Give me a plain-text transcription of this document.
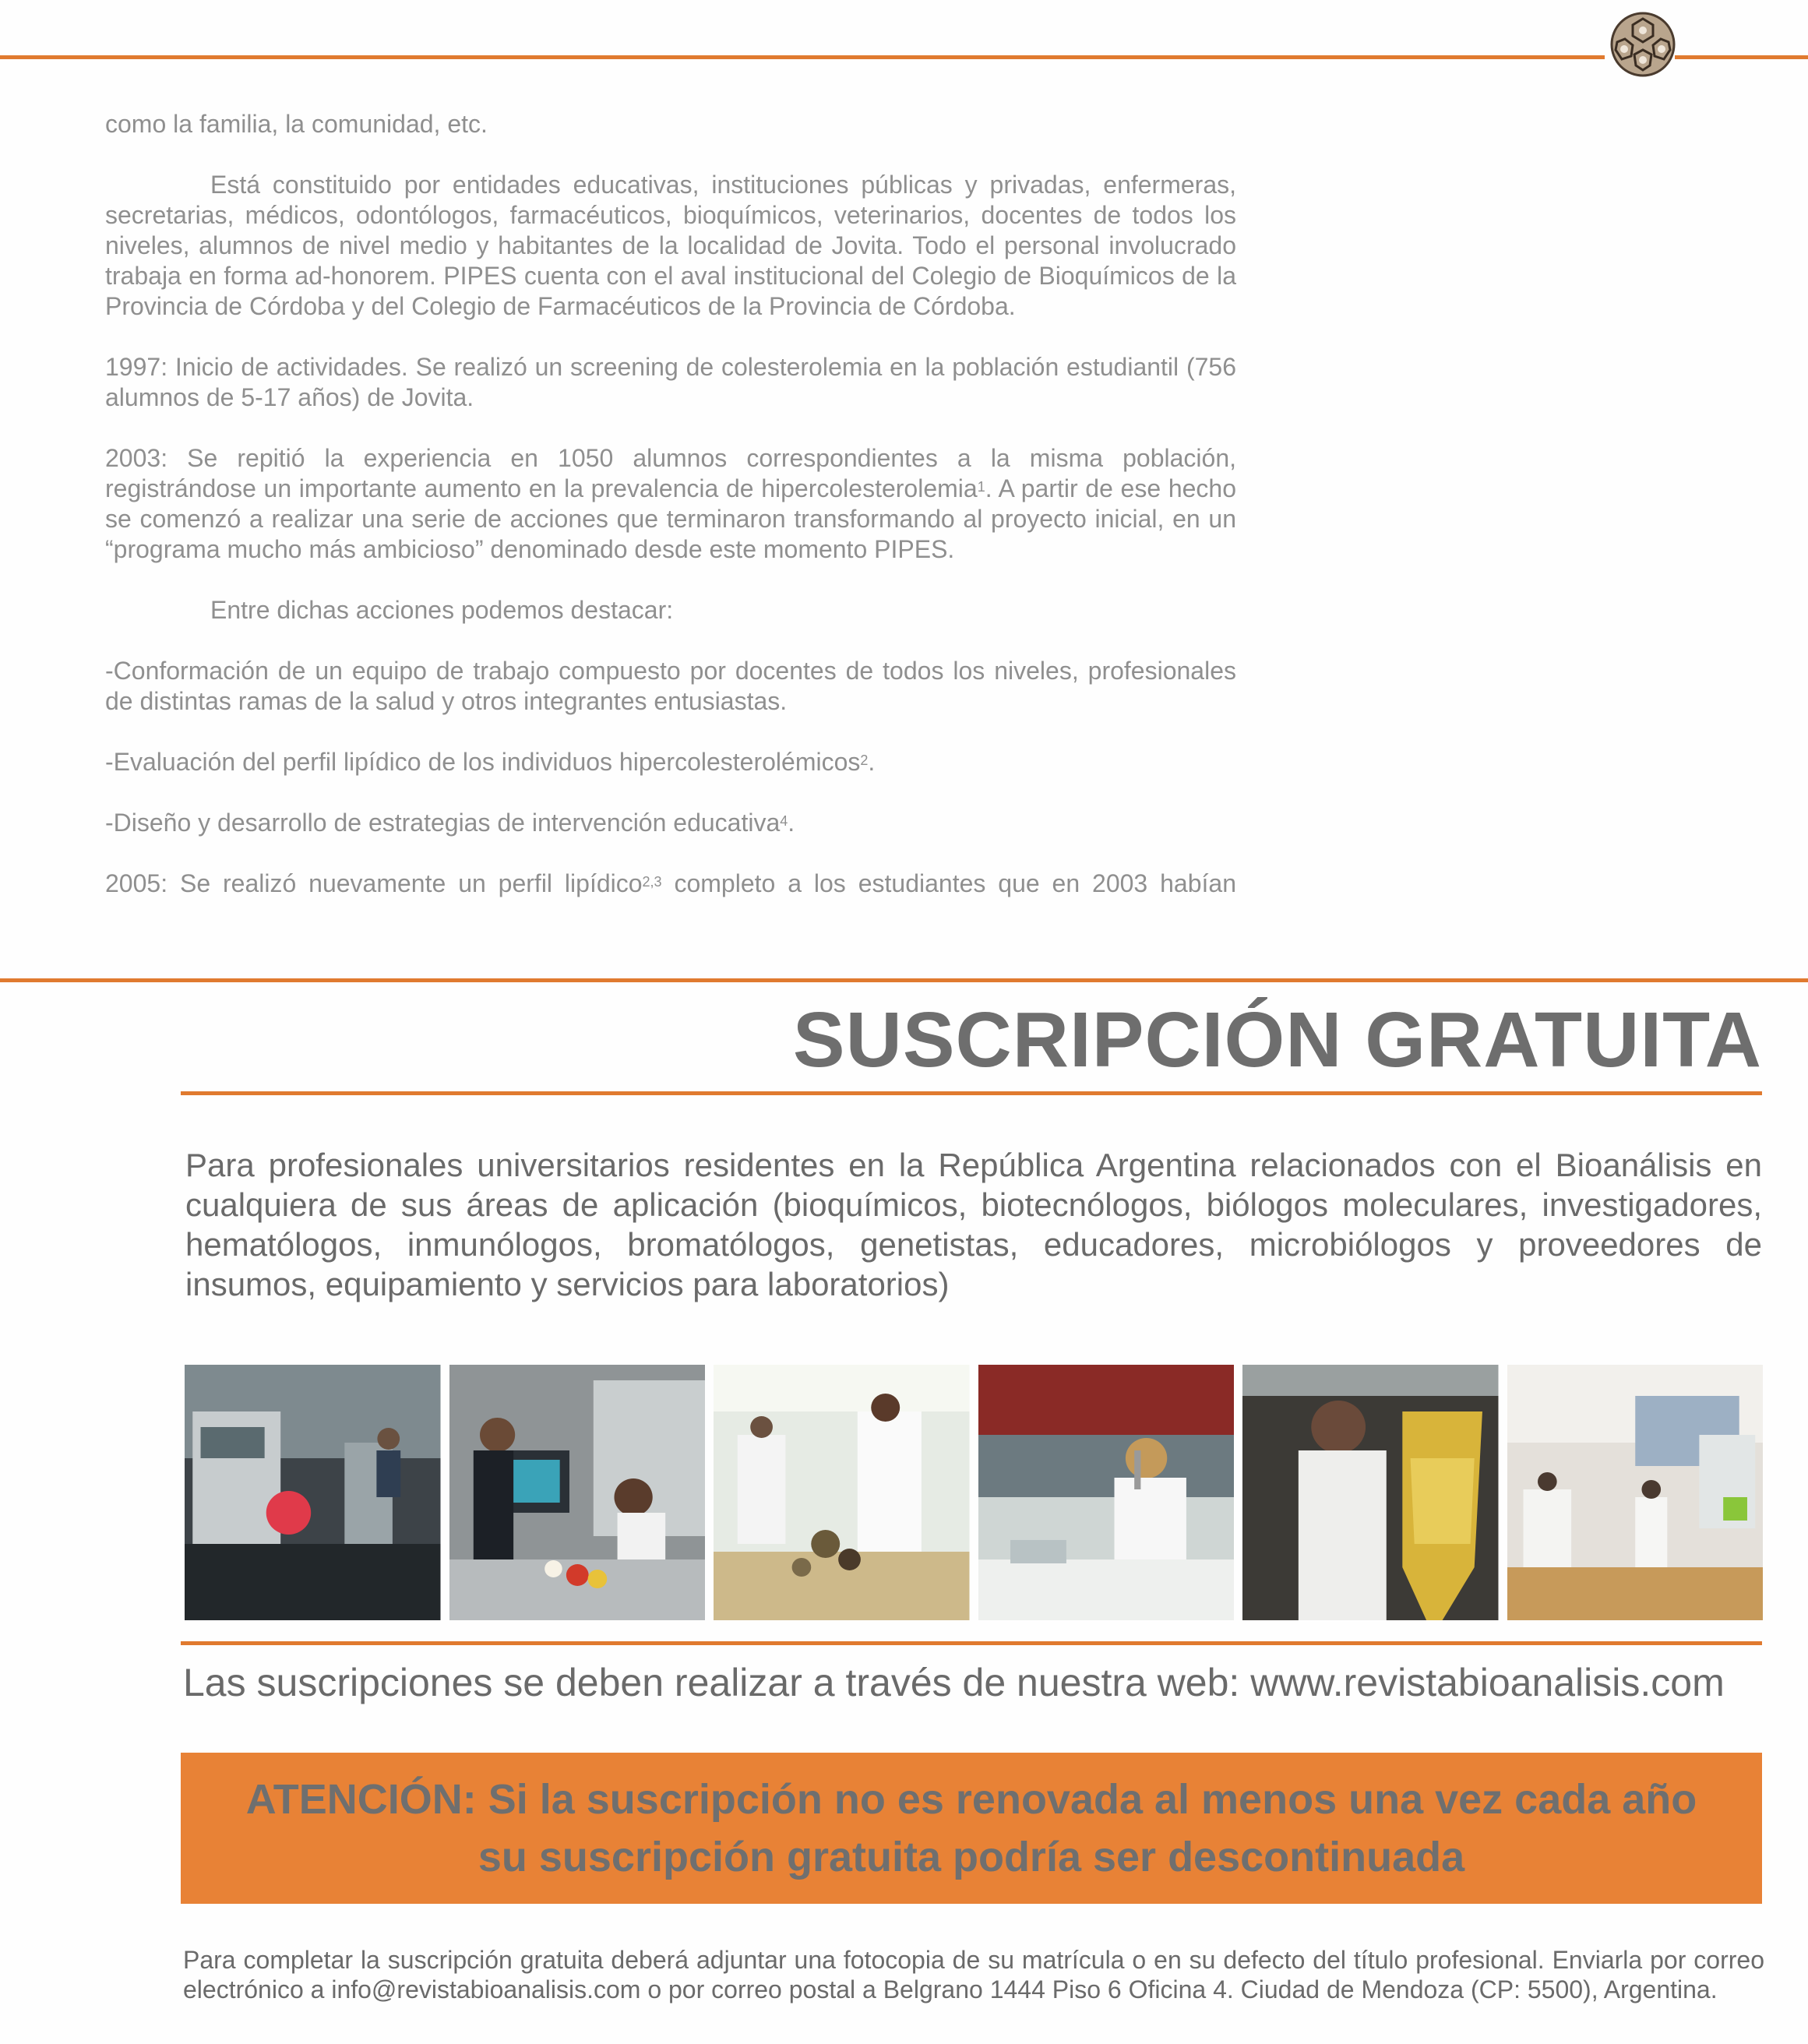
como la familia, la comunidad, etc.

Está constituido por entidades educativas, instituciones públicas y privadas, enfermeras, secretarias, médicos, odontólogos, farmacéuticos, bioquímicos, veterinarios, docentes de todos los niveles, alumnos de nivel medio y habitantes de la localidad de Jovita. Todo el personal involucrado trabaja en forma ad-honorem. PIPES cuenta con el aval institucional del Colegio de Bioquímicos de la Provincia de Córdoba y del Colegio de Farmacéuticos de la Provincia de Córdoba.

1997: Inicio de actividades. Se realizó un screening de colesterolemia en la población estudiantil (756 alumnos de 5-17 años) de Jovita.

2003: Se repitió la experiencia en 1050 alumnos correspondientes a la misma población, registrándose un importante aumento en la prevalencia de hipercolesterolemia$^1$. A partir de ese hecho se comenzó a realizar una serie de acciones que terminaron transformando al proyecto inicial, en un “programa mucho más ambicioso” denominado desde este momento PIPES.

Entre dichas acciones podemos destacar:

-Conformación de un equipo de trabajo compuesto por docentes de todos los niveles, profesionales de distintas ramas de la salud y otros integrantes entusiastas.

-Evaluación del perfil lipídico de los individuos hipercolesterolémicos$^2$.

-Diseño y desarrollo de estrategias de intervención educativa$^4$.

2005: Se realizó nuevamente un perfil lipídico$^{2,3}$ completo a los estudiantes que en 2003 habían

SUSCRIPCIÓN GRATUITA
Para profesionales universitarios residentes en la República Argentina relacionados con el Bioanálisis en cualquiera de sus áreas de aplicación (bioquímicos, biotecnólogos, biólogos moleculares, investigadores, hematólogos, inmunólogos, bromatólogos, genetistas, educadores, microbiólogos y proveedores de insumos, equipamiento y servicios para laboratorios)
Las suscripciones se deben realizar a través de nuestra web: www.revistabioanalisis.com
ATENCIÓN: Si la suscripción no es renovada al menos una vez cada año
su suscripción gratuita podría ser descontinuada
Para completar la suscripción gratuita deberá adjuntar una fotocopia de su matrícula o en su defecto del título profesional. Enviarla por correo electrónico a info@revistabioanalisis.com o por correo postal a Belgrano 1444 Piso 6 Oficina 4. Ciudad de Mendoza (CP: 5500), Argentina.
